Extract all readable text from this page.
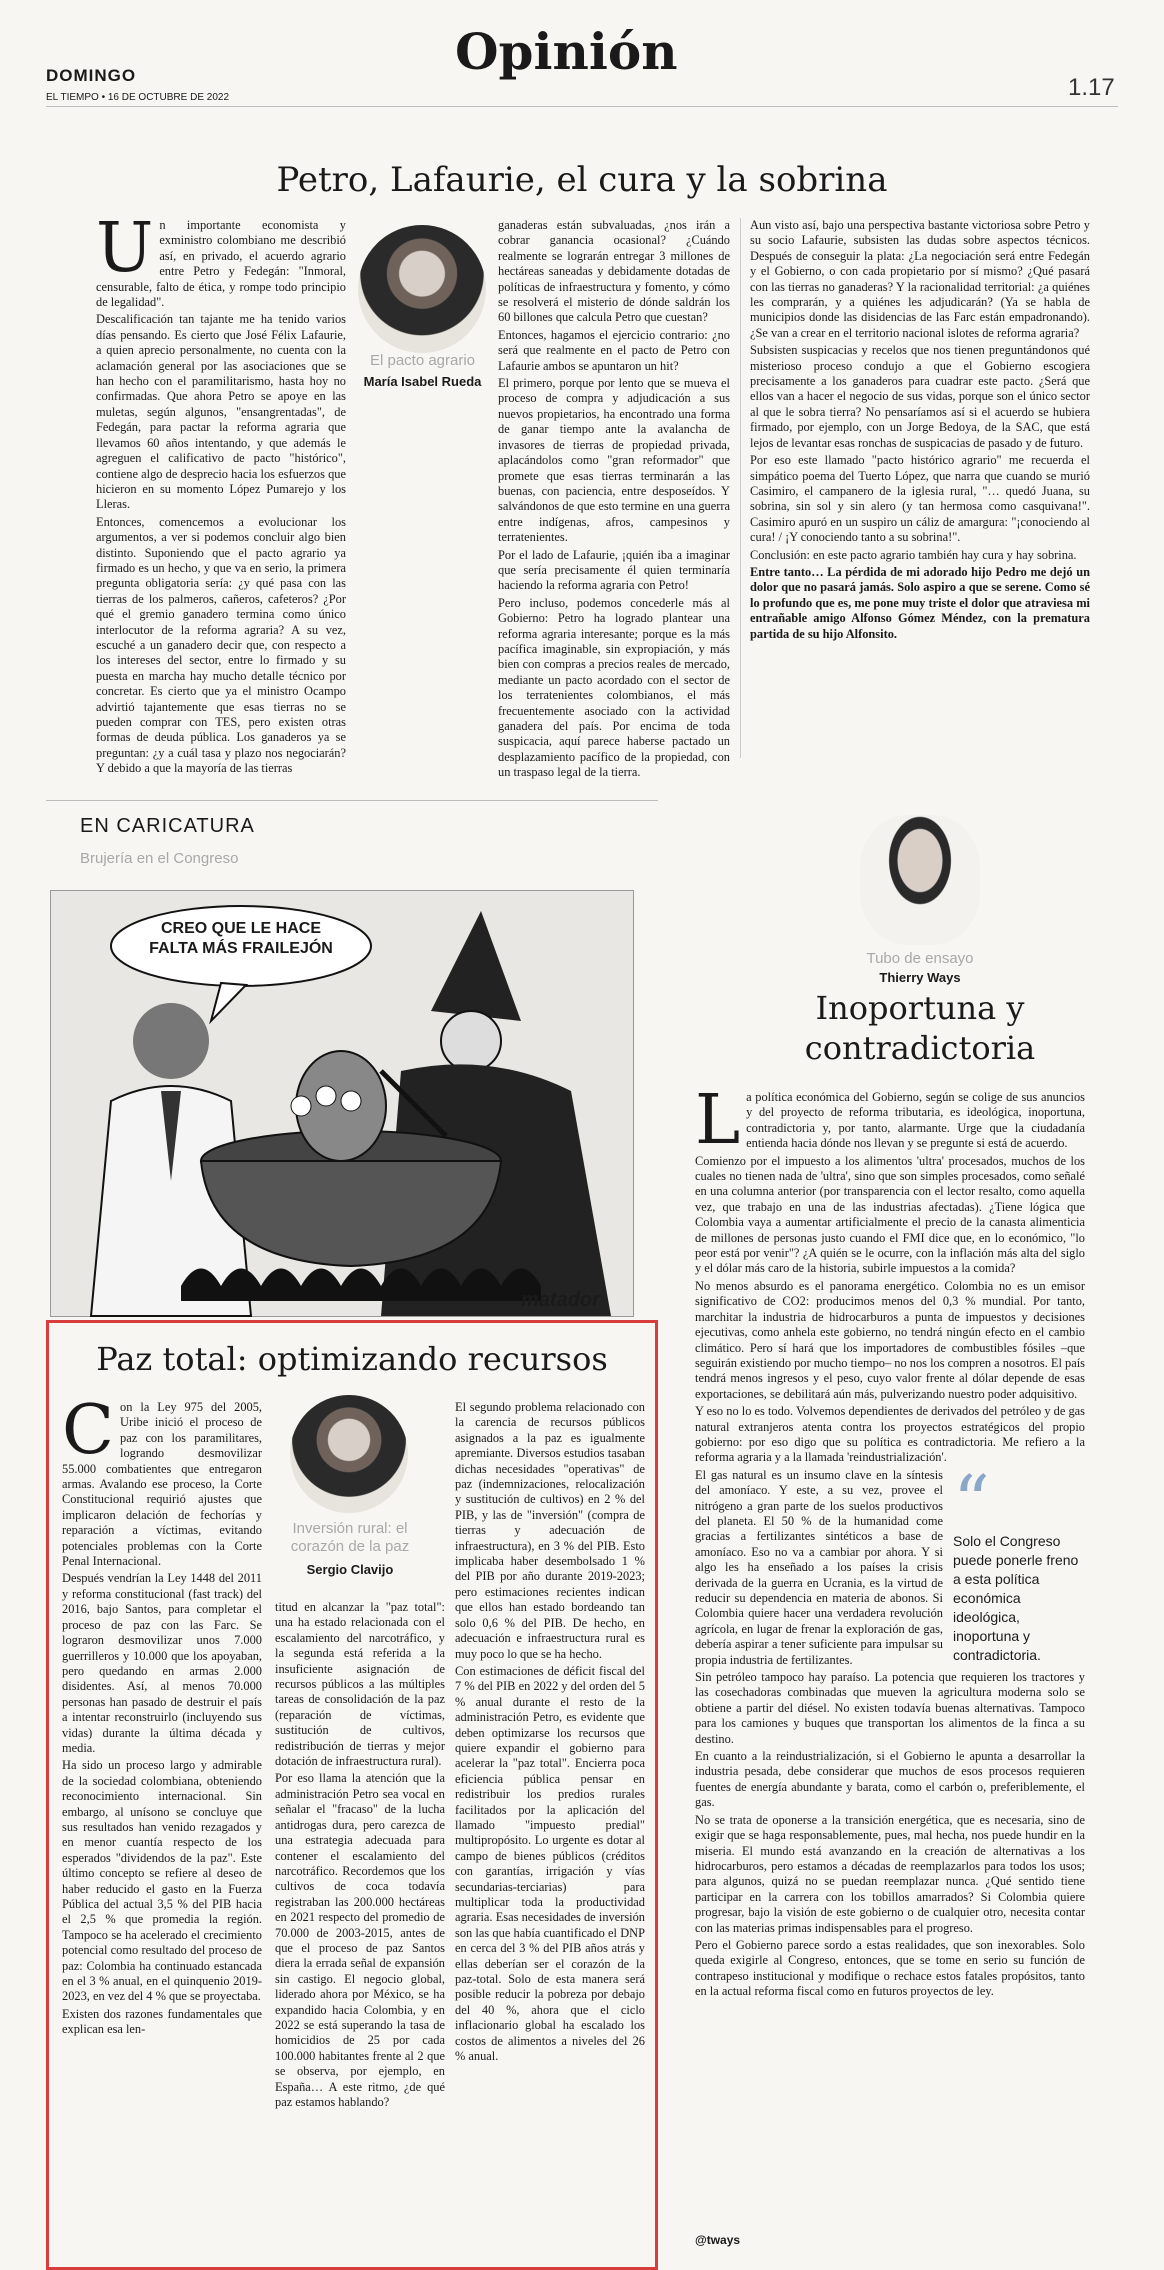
DOMINGO
EL TIEMPO • 16 DE OCTUBRE DE 2022
Opinión
1.17
Petro, Lafaurie, el cura y la sobrina

Un importante economista y exministro colombiano me describió así, en privado, el acuerdo agrario entre Petro y Fedegán: "Inmoral, censurable, falto de ética, y rompe todo principio de legalidad".

Descalificación tan tajante me ha tenido varios días pensando. Es cierto que José Félix Lafaurie, a quien aprecio personalmente, no cuenta con la aclamación general por las asociaciones que se han hecho con el paramilitarismo, hasta hoy no confirmadas. Que ahora Petro se apoye en las muletas, según algunos, "ensangrentadas", de Fedegán, para pactar la reforma agraria que llevamos 60 años intentando, y que además le agreguen el calificativo de pacto "histórico", contiene algo de desprecio hacia los esfuerzos que hicieron en su momento López Pumarejo y los Lleras.

Entonces, comencemos a evolucionar los argumentos, a ver si podemos concluir algo bien distinto. Suponiendo que el pacto agrario ya firmado es un hecho, y que va en serio, la primera pregunta obligatoria sería: ¿y qué pasa con las tierras de los palmeros, cañeros, cafeteros? ¿Por qué el gremio ganadero termina como único interlocutor de la reforma agraria? A su vez, escuché a un ganadero decir que, con respecto a los intereses del sector, entre lo firmado y su puesta en marcha hay mucho detalle técnico por concretar. Es cierto que ya el ministro Ocampo advirtió tajantemente que esas tierras no se pueden comprar con TES, pero existen otras formas de deuda pública. Los ganaderos ya se preguntan: ¿y a cuál tasa y plazo nos negociarán? Y debido a que la mayoría de las tierras

El pacto agrario
María Isabel Rueda

ganaderas están subvaluadas, ¿nos irán a cobrar ganancia ocasional? ¿Cuándo realmente se lograrán entregar 3 millones de hectáreas saneadas y debidamente dotadas de políticas de infraestructura y fomento, y cómo se resolverá el misterio de dónde saldrán los 60 billones que calcula Petro que cuestan?

Entonces, hagamos el ejercicio contrario: ¿no será que realmente en el pacto de Petro con Lafaurie ambos se apuntaron un hit?

El primero, porque por lento que se mueva el proceso de compra y adjudicación a sus nuevos propietarios, ha encontrado una forma de ganar tiempo ante la avalancha de invasores de tierras de propiedad privada, aplacándolos como "gran reformador" que promete que esas tierras terminarán a las buenas, con paciencia, entre desposeídos. Y salvándonos de que esto termine en una guerra entre indígenas, afros, campesinos y terratenientes.

Por el lado de Lafaurie, ¡quién iba a imaginar que sería precisamente él quien terminaría haciendo la reforma agraria con Petro!

Pero incluso, podemos concederle más al Gobierno: Petro ha logrado plantear una reforma agraria interesante; porque es la más pacífica imaginable, sin expropiación, y más bien con compras a precios reales de mercado, mediante un pacto acordado con el sector de los terratenientes colombianos, el más frecuentemente asociado con la actividad ganadera del país. Por encima de toda suspicacia, aquí parece haberse pactado un desplazamiento pacífico de la propiedad, con un traspaso legal de la tierra.

Aun visto así, bajo una perspectiva bastante victoriosa sobre Petro y su socio Lafaurie, subsisten las dudas sobre aspectos técnicos. Después de conseguir la plata: ¿La negociación será entre Fedegán y el Gobierno, o con cada propietario por sí mismo? ¿Qué pasará con las tierras no ganaderas? Y la racionalidad territorial: ¿a quiénes les comprarán, y a quiénes les adjudicarán? (Ya se habla de municipios donde las disidencias de las Farc están empadronando). ¿Se van a crear en el territorio nacional islotes de reforma agraria?

Subsisten suspicacias y recelos que nos tienen preguntándonos qué misterioso proceso condujo a que el Gobierno escogiera precisamente a los ganaderos para cuadrar este pacto. ¿Será que ellos van a hacer el negocio de sus vidas, porque son el único sector al que le sobra tierra? No pensaríamos así si el acuerdo se hubiera firmado, por ejemplo, con un Jorge Bedoya, de la SAC, que está lejos de levantar esas ronchas de suspicacias de pasado y de futuro.

Por eso este llamado "pacto histórico agrario" me recuerda el simpático poema del Tuerto López, que narra que cuando se murió Casimiro, el campanero de la iglesia rural, "… quedó Juana, su sobrina, sin sol y sin alero (y tan hermosa como casquivana!". Casimiro apuró en un suspiro un cáliz de amargura: "¡conociendo al cura! / ¡Y conociendo tanto a su sobrina!".

Conclusión: en este pacto agrario también hay cura y hay sobrina.

Entre tanto… La pérdida de mi adorado hijo Pedro me dejó un dolor que no pasará jamás. Solo aspiro a que se serene. Como sé lo profundo que es, me pone muy triste el dolor que atraviesa mi entrañable amigo Alfonso Gómez Méndez, con la prematura partida de su hijo Alfonsito.

EN CARICATURA
Brujería en el Congreso
CREO QUE LE HACE FALTA MÁS FRAILEJÓN
matador
Tubo de ensayo
Thierry Ways
Inoportuna y contradictoria

La política económica del Gobierno, según se colige de sus anuncios y del proyecto de reforma tributaria, es ideológica, inoportuna, contradictoria y, por tanto, alarmante. Urge que la ciudadanía entienda hacia dónde nos llevan y se pregunte si está de acuerdo.

Comienzo por el impuesto a los alimentos 'ultra' procesados, muchos de los cuales no tienen nada de 'ultra', sino que son simples procesados, como señalé en una columna anterior (por transparencia con el lector resalto, como aquella vez, que trabajo en una de las industrias afectadas). ¿Tiene lógica que Colombia vaya a aumentar artificialmente el precio de la canasta alimenticia de millones de personas justo cuando el FMI dice que, en lo económico, "lo peor está por venir"? ¿A quién se le ocurre, con la inflación más alta del siglo y el dólar más caro de la historia, subirle impuestos a la comida?

No menos absurdo es el panorama energético. Colombia no es un emisor significativo de CO2: producimos menos del 0,3 % mundial. Por tanto, marchitar la industria de hidrocarburos a punta de impuestos y decisiones ejecutivas, como anhela este gobierno, no tendrá ningún efecto en el cambio climático. Pero sí hará que los importadores de combustibles fósiles –que seguirán existiendo por mucho tiempo– no nos los compren a nosotros. El país tendrá menos ingresos y el peso, cuyo valor frente al dólar depende de esas exportaciones, se debilitará aún más, pulverizando nuestro poder adquisitivo.

Y eso no lo es todo. Volvemos dependientes de derivados del petróleo y de gas natural extranjeros atenta contra los proyectos estratégicos del propio gobierno: por eso digo que su política es contradictoria. Me refiero a la reforma agraria y a la llamada 'reindustrialización'.

“
Solo el Congreso puede ponerle freno a esta política económica ideológica, inoportuna y contradictoria.

El gas natural es un insumo clave en la síntesis del amoníaco. Y este, a su vez, provee el nitrógeno a gran parte de los suelos productivos del planeta. El 50 % de la humanidad come gracias a fertilizantes sintéticos a base de amoníaco. Eso no va a cambiar por ahora. Y si algo les ha enseñado a los países la crisis derivada de la guerra en Ucrania, es la virtud de reducir su dependencia en materia de abonos. Si Colombia quiere hacer una verdadera revolución agrícola, en lugar de frenar la exploración de gas, debería aspirar a tener suficiente para impulsar su propia industria de fertilizantes.

Sin petróleo tampoco hay paraíso. La potencia que requieren los tractores y las cosechadoras combinadas que mueven la agricultura moderna solo se obtiene a partir del diésel. No existen todavía buenas alternativas. Tampoco para los camiones y buques que transportan los alimentos de la finca a su destino.

En cuanto a la reindustrialización, si el Gobierno le apunta a desarrollar la industria pesada, debe considerar que muchos de esos procesos requieren fuentes de energía abundante y barata, como el carbón o, preferiblemente, el gas.

No se trata de oponerse a la transición energética, que es necesaria, sino de exigir que se haga responsablemente, pues, mal hecha, nos puede hundir en la miseria. El mundo está avanzando en la creación de alternativas a los hidrocarburos, pero estamos a décadas de reemplazarlos para todos los usos; para algunos, quizá no se puedan reemplazar nunca. ¿Qué sentido tiene participar en la carrera con los tobillos amarrados? Si Colombia quiere progresar, bajo la visión de este gobierno o de cualquier otro, necesita contar con las materias primas indispensables para el progreso.

Pero el Gobierno parece sordo a estas realidades, que son inexorables. Solo queda exigirle al Congreso, entonces, que se tome en serio su función de contrapeso institucional y modifique o rechace estos fatales propósitos, tanto en la actual reforma fiscal como en futuros proyectos de ley.

@tways
Paz total: optimizando recursos

Con la Ley 975 del 2005, Uribe inició el proceso de paz con los paramilitares, logrando desmovilizar 55.000 combatientes que entregaron armas. Avalando ese proceso, la Corte Constitucional requirió ajustes que implicaron delación de fechorías y reparación a víctimas, evitando potenciales problemas con la Corte Penal Internacional.

Después vendrían la Ley 1448 del 2011 y reforma constitucional (fast track) del 2016, bajo Santos, para completar el proceso de paz con las Farc. Se lograron desmovilizar unos 7.000 guerrilleros y 10.000 que los apoyaban, pero quedando en armas 2.000 disidentes. Así, al menos 70.000 personas han pasado de destruir el país a intentar reconstruirlo (incluyendo sus vidas) durante la última década y media.

Ha sido un proceso largo y admirable de la sociedad colombiana, obteniendo reconocimiento internacional. Sin embargo, al unísono se concluye que sus resultados han venido rezagados y en menor cuantía respecto de los esperados "dividendos de la paz". Este último concepto se refiere al deseo de haber reducido el gasto en la Fuerza Pública del actual 3,5 % del PIB hacia el 2,5 % que promedia la región. Tampoco se ha acelerado el crecimiento potencial como resultado del proceso de paz: Colombia ha continuado estancada en el 3 % anual, en el quinquenio 2019-2023, en vez del 4 % que se proyectaba.

Existen dos razones fundamentales que explican esa len-

Inversión rural: el corazón de la paz
Sergio Clavijo

titud en alcanzar la "paz total": una ha estado relacionada con el escalamiento del narcotráfico, y la segunda está referida a la insuficiente asignación de recursos públicos a las múltiples tareas de consolidación de la paz (reparación de víctimas, sustitución de cultivos, redistribución de tierras y mejor dotación de infraestructura rural).

Por eso llama la atención que la administración Petro sea vocal en señalar el "fracaso" de la lucha antidrogas dura, pero carezca de una estrategia adecuada para contener el escalamiento del narcotráfico. Recordemos que los cultivos de coca todavía registraban las 200.000 hectáreas en 2021 respecto del promedio de 70.000 de 2003-2015, antes de que el proceso de paz Santos diera la errada señal de expansión sin castigo. El negocio global, liderado ahora por México, se ha expandido hacia Colombia, y en 2022 se está superando la tasa de homicidios de 25 por cada 100.000 habitantes frente al 2 que se observa, por ejemplo, en España… A este ritmo, ¿de qué paz estamos hablando?

El segundo problema relacionado con la carencia de recursos públicos asignados a la paz es igualmente apremiante. Diversos estudios tasaban dichas necesidades "operativas" de paz (indemnizaciones, relocalización y sustitución de cultivos) en 2 % del PIB, y las de "inversión" (compra de tierras y adecuación de infraestructura), en 3 % del PIB. Esto implicaba haber desembolsado 1 % del PIB por año durante 2019-2023; pero estimaciones recientes indican que ellos han estado bordeando tan solo 0,6 % del PIB. De hecho, en adecuación e infraestructura rural es muy poco lo que se ha hecho.

Con estimaciones de déficit fiscal del 7 % del PIB en 2022 y del orden del 5 % anual durante el resto de la administración Petro, es evidente que deben optimizarse los recursos que quiere expandir el gobierno para acelerar la "paz total". Encierra poca eficiencia pública pensar en redistribuir los predios rurales facilitados por la aplicación del llamado "impuesto predial" multipropósito. Lo urgente es dotar al campo de bienes públicos (créditos con garantías, irrigación y vías secundarias-terciarias) para multiplicar toda la productividad agraria. Esas necesidades de inversión son las que había cuantificado el DNP en cerca del 3 % del PIB años atrás y ellas deberían ser el corazón de la paz-total. Solo de esta manera será posible reducir la pobreza por debajo del 40 %, ahora que el ciclo inflacionario global ha escalado los costos de alimentos a niveles del 26 % anual.
